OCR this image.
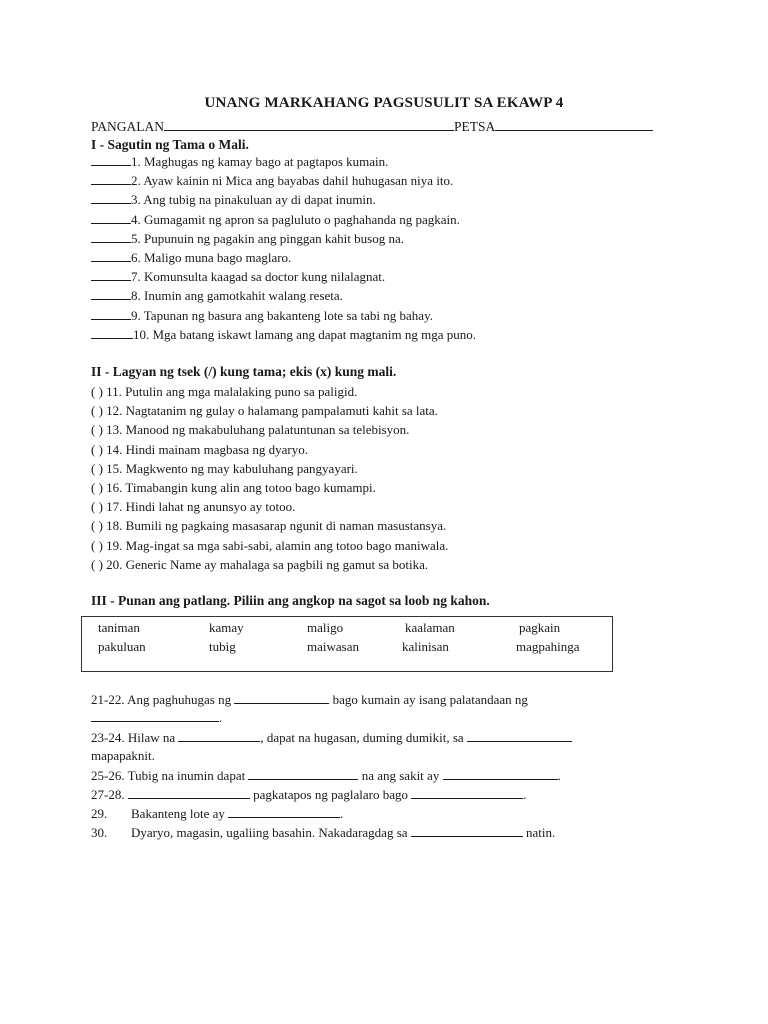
UNANG MARKAHANG PAGSUSULIT SA EKAWP 4
PANGALAN	PETSA
I - Sagutin ng Tama o Mali.
1. Maghugas ng kamay bago at pagtapos kumain.
2. Ayaw kainin ni Mica ang bayabas dahil huhugasan niya ito.
3. Ang tubig na pinakuluan ay di dapat inumin.
4. Gumagamit ng apron sa pagluluto o paghahanda ng pagkain.
5. Pupunuin ng pagakin ang pinggan kahit busog na.
6. Maligo muna bago maglaro.
7. Komunsulta kaagad sa doctor kung nilalagnat.
8. Inumin ang gamotkahit walang reseta.
9. Tapunan ng basura ang bakanteng lote sa tabi ng bahay.
10. Mga batang iskawt lamang ang dapat magtanim ng mga puno.
II - Lagyan ng tsek (/) kung tama; ekis (x) kung mali.
( ) 11. Putulin ang mga malalaking puno sa paligid.
( ) 12. Nagtatanim ng gulay o halamang pampalamuti kahit sa lata.
( ) 13. Manood ng makabuluhang palatuntunan sa telebisyon.
( ) 14. Hindi mainam magbasa ng dyaryo.
( ) 15. Magkwento ng may kabuluhang pangyayari.
( ) 16. Timabangin kung alin ang totoo bago kumampi.
( ) 17. Hindi lahat ng anunsyo ay totoo.
( ) 18. Bumili ng pagkaing masasarap ngunit di naman masustansya.
( ) 19. Mag-ingat sa mga sabi-sabi, alamin ang totoo bago maniwala.
( ) 20. Generic Name ay mahalaga sa pagbili ng gamut sa botika.
III - Punan ang patlang. Piliin ang angkop na sagot sa loob ng kahon.
taniman	kamay	maligo	kaalaman	pagkain
pakuluan	tubig	maiwasan	kalinisan	magpahinga
21-22. Ang paghuhugas ng	bago kumain ay isang palatandaan ng
.
23-24. Hilaw na	, dapat na hugasan, duming dumikit, sa
mapapaknit.
25-26. Tubig na inumin dapat	na ang sakit ay	.
27-28.	pagkatapos ng paglalaro bago	.
29. Bakanteng lote ay	.
30. Dyaryo, magasin, ugaliing basahin. Nakadaragdag sa	natin.
